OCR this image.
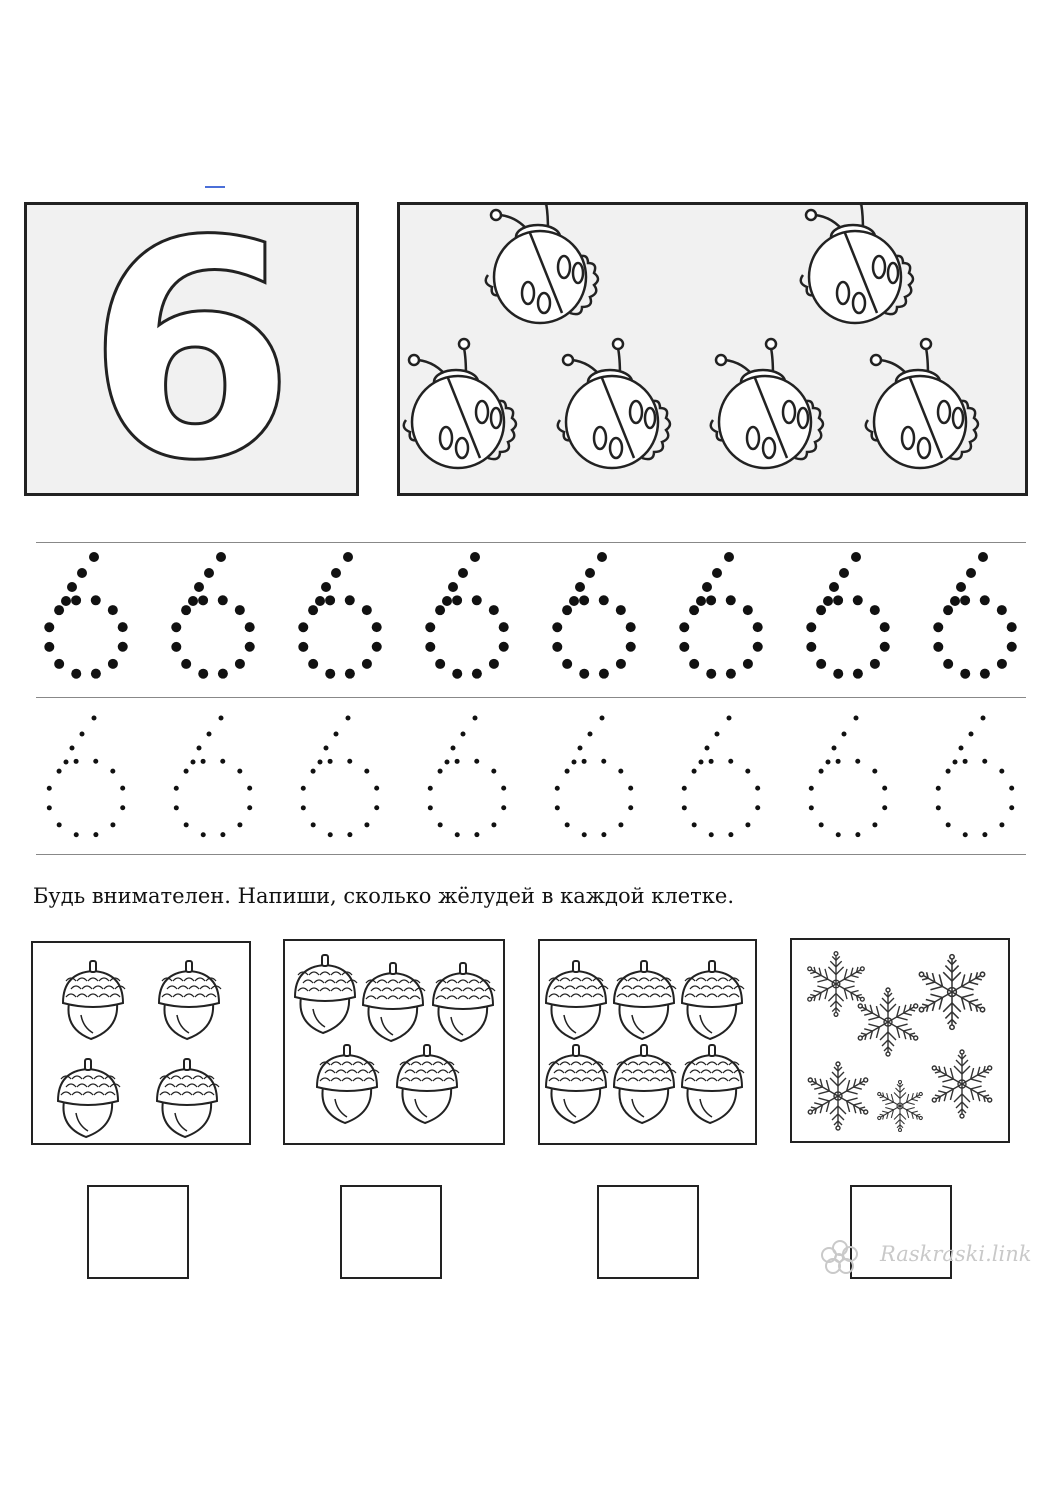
6
Будь внимателен. Напиши, сколько жёлудей в каждой клетке.
Raskraski.link
